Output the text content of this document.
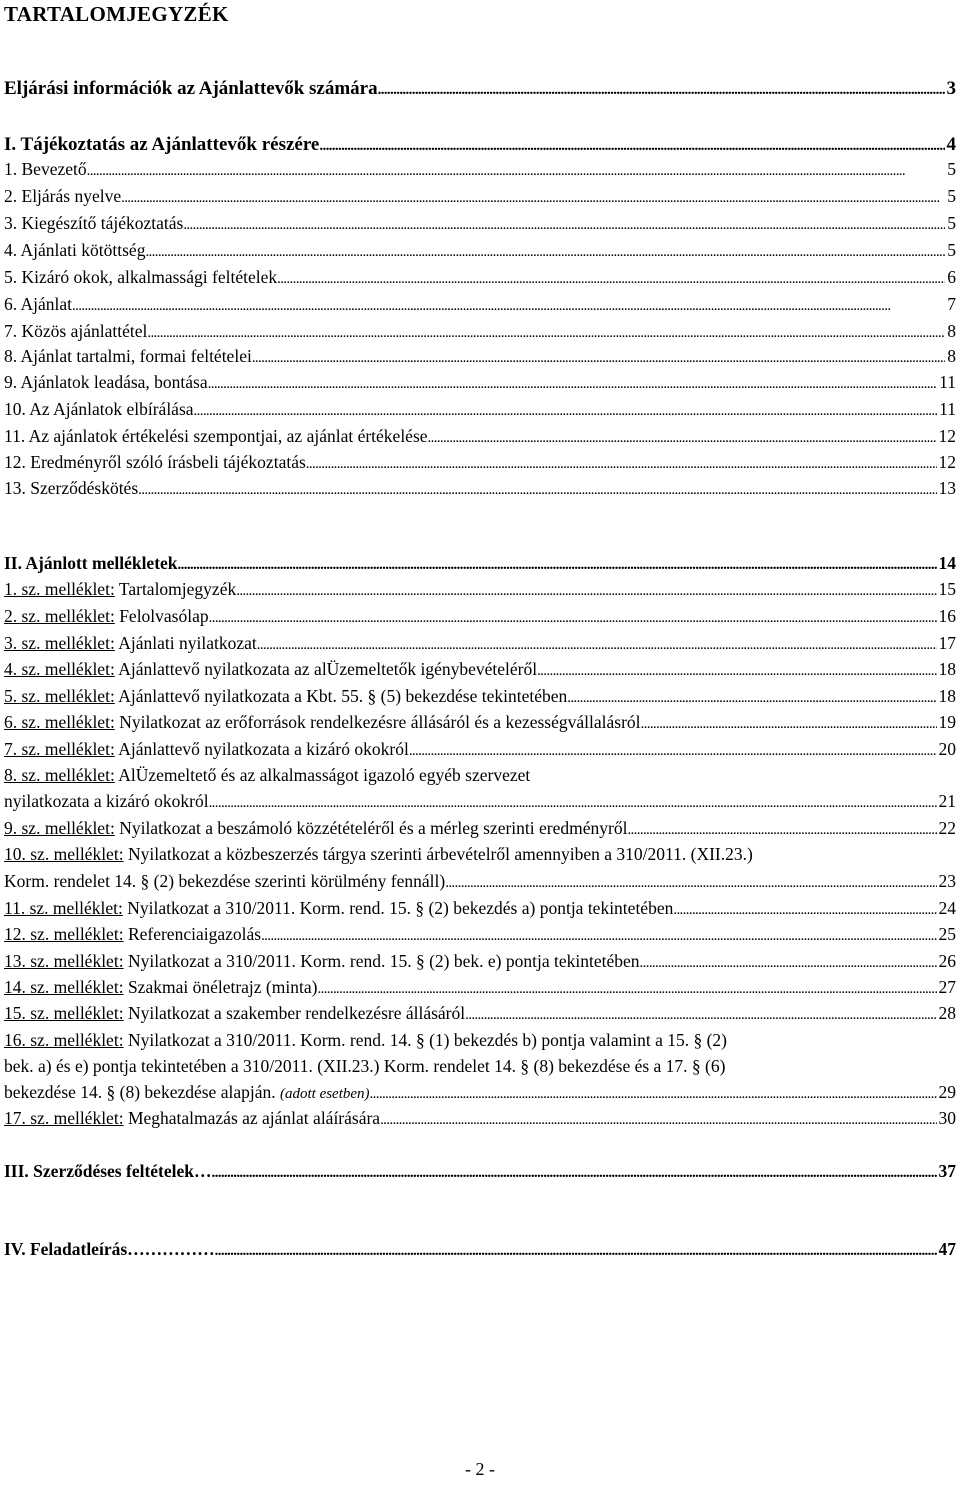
TARTALOMJEGYZÉK
Eljárási információk az Ajánlattevők számára . . .	3
I. Tájékoztatás az Ajánlattevők részére . . .	4
1. Bevezető . . .	5
2. Eljárás nyelve . . .	5
3. Kiegészítő tájékoztatás . . .	5
4. Ajánlati kötöttség . . .	5
5. Kizáró okok, alkalmassági feltételek . . .	6
6. Ajánlat . . .	7
7. Közös ajánlattétel . . .	8
8. Ajánlat tartalmi, formai feltételei . . .	8
9. Ajánlatok leadása, bontása . . .	11
10. Az Ajánlatok elbírálása . . .	11
11. Az ajánlatok értékelési szempontjai, az ajánlat értékelése . . .	12
12. Eredményről szóló írásbeli tájékoztatás . . .	12
13. Szerződéskötés . . .	13
II. Ajánlott mellékletek . . .	14
1. sz. melléklet: Tartalomjegyzék . . .	15
2. sz. melléklet: Felolvasólap . . .	16
3. sz. melléklet: Ajánlati nyilatkozat . . .	17
4. sz. melléklet: Ajánlattevő nyilatkozata az alÜzemeltetők igénybevételéről . . .	18
5. sz. melléklet: Ajánlattevő nyilatkozata a Kbt. 55. § (5) bekezdése tekintetében . . .	18
6. sz. melléklet: Nyilatkozat az erőforrások rendelkezésre állásáról és a kezességvállalásról . . .	19
7. sz. melléklet: Ajánlattevő nyilatkozata a kizáró okokról . . .	20
8. sz. melléklet: AlÜzemeltető és az alkalmasságot igazoló egyéb szervezet
nyilatkozata a kizáró okokról . . .	21
9. sz. melléklet: Nyilatkozat a beszámoló közzétételéről és a mérleg szerinti eredményről . . .	22
10. sz. melléklet: Nyilatkozat a közbeszerzés tárgya szerinti árbevételről amennyiben a 310/2011. (XII.23.)
Korm. rendelet 14. § (2) bekezdése szerinti körülmény fennáll) . . .	23
11. sz. melléklet: Nyilatkozat a 310/2011. Korm. rend. 15. § (2) bekezdés a) pontja tekintetében . . .	24
12. sz. melléklet: Referenciaigazolás . . .	25
13. sz. melléklet: Nyilatkozat a 310/2011. Korm. rend. 15. § (2) bek. e) pontja tekintetében . . .	26
14. sz. melléklet: Szakmai önéletrajz (minta) . . .	27
15. sz. melléklet: Nyilatkozat a szakember rendelkezésre állásáról . . .	28
16. sz. melléklet: Nyilatkozat a 310/2011. Korm. rend. 14. § (1) bekezdés b) pontja valamint a 15. § (2)
bek. a) és e) pontja tekintetében a 310/2011. (XII.23.) Korm. rendelet 14. § (8) bekezdése és a 17. § (6)
bekezdése 14. § (8) bekezdése alapján. (adott esetben) . . .	29
17. sz. melléklet: Meghatalmazás az ajánlat aláírására . . .	30
III. Szerződéses feltételek… . . .	37
IV. Feladatleírás…………… . . .	47
- 2 -
